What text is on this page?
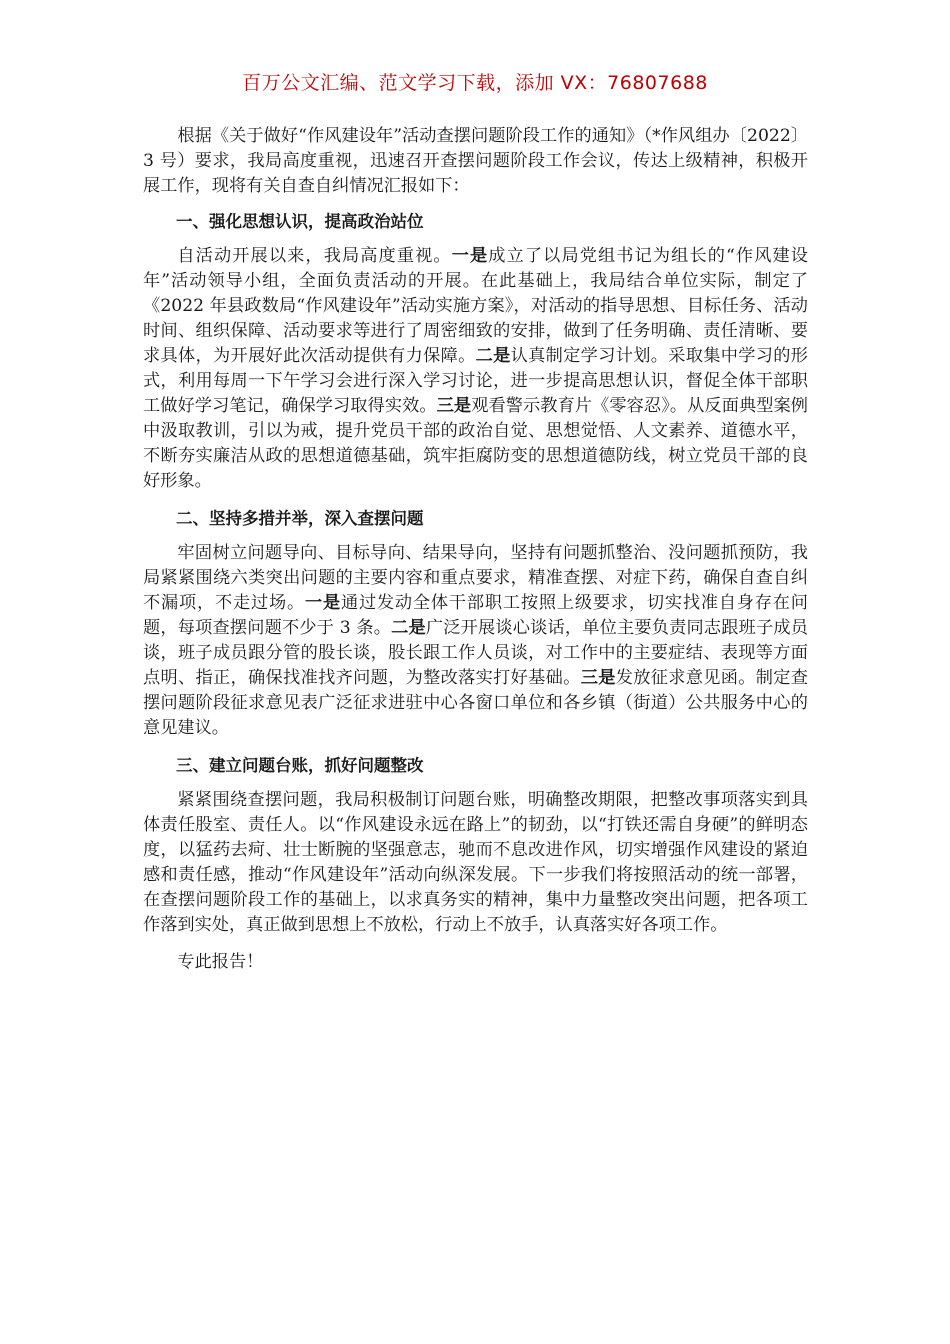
百万公文汇编、范文学习下载，添加 VX：76807688

根据《关于做好“作风建设年”活动查摆问题阶段工作的通知》（*作风组办〔2022〕3 号）要求，我局高度重视，迅速召开查摆问题阶段工作会议，传达上级精神，积极开展工作，现将有关自查自纠情况汇报如下：

一、强化思想认识，提高政治站位

自活动开展以来，我局高度重视。一是成立了以局党组书记为组长的“作风建设年”活动领导小组，全面负责活动的开展。在此基础上，我局结合单位实际，制定了《2022 年县政数局“作风建设年”活动实施方案》，对活动的指导思想、目标任务、活动时间、组织保障、活动要求等进行了周密细致的安排，做到了任务明确、责任清晰、要求具体，为开展好此次活动提供有力保障。二是认真制定学习计划。采取集中学习的形式，利用每周一下午学习会进行深入学习讨论，进一步提高思想认识，督促全体干部职工做好学习笔记，确保学习取得实效。三是观看警示教育片《零容忍》。从反面典型案例中汲取教训，引以为戒，提升党员干部的政治自觉、思想觉悟、人文素养、道德水平，不断夯实廉洁从政的思想道德基础，筑牢拒腐防变的思想道德防线，树立党员干部的良好形象。

二、坚持多措并举，深入查摆问题

牢固树立问题导向、目标导向、结果导向，坚持有问题抓整治、没问题抓预防，我局紧紧围绕六类突出问题的主要内容和重点要求，精准查摆、对症下药，确保自查自纠不漏项，不走过场。一是通过发动全体干部职工按照上级要求，切实找准自身存在问题，每项查摆问题不少于 3 条。二是广泛开展谈心谈话，单位主要负责同志跟班子成员谈，班子成员跟分管的股长谈，股长跟工作人员谈，对工作中的主要症结、表现等方面点明、指正，确保找准找齐问题，为整改落实打好基础。三是发放征求意见函。制定查摆问题阶段征求意见表广泛征求进驻中心各窗口单位和各乡镇（街道）公共服务中心的意见建议。

三、建立问题台账，抓好问题整改

紧紧围绕查摆问题，我局积极制订问题台账，明确整改期限，把整改事项落实到具体责任股室、责任人。以“作风建设永远在路上”的韧劲，以“打铁还需自身硬”的鲜明态度，以猛药去疴、壮士断腕的坚强意志，驰而不息改进作风，切实增强作风建设的紧迫感和责任感，推动“作风建设年”活动向纵深发展。下一步我们将按照活动的统一部署，在查摆问题阶段工作的基础上，以求真务实的精神，集中力量整改突出问题，把各项工作落到实处，真正做到思想上不放松，行动上不放手，认真落实好各项工作。

专此报告！
